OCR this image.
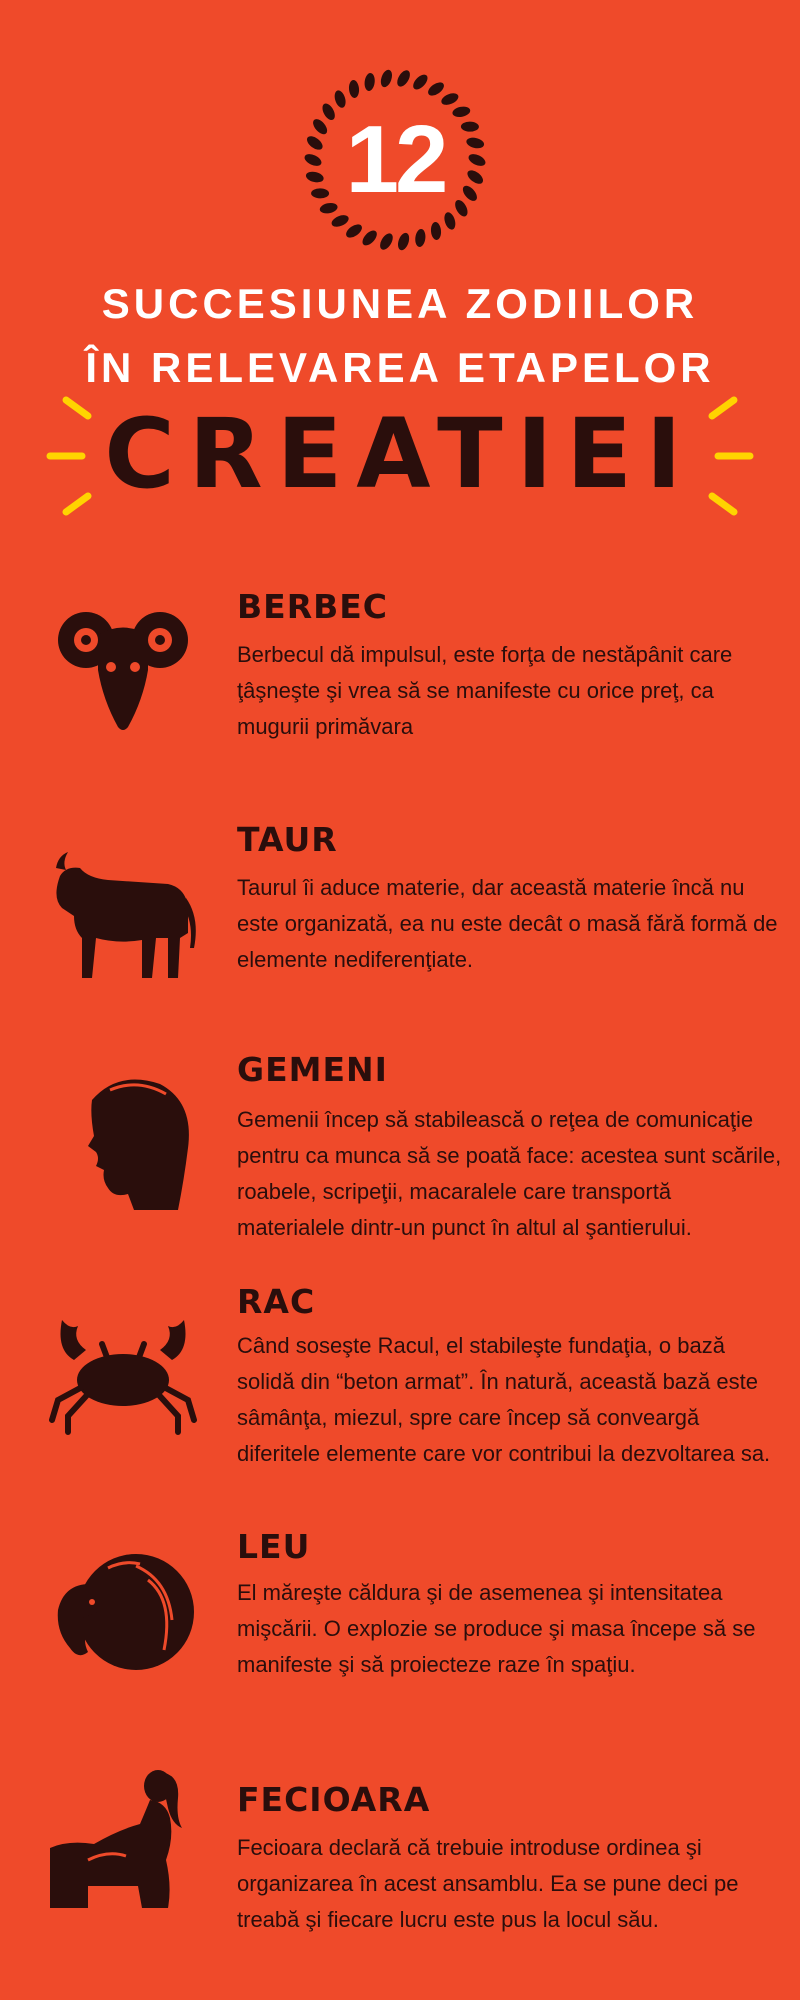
12
SUCCESIUNEA ZODIILOR
ÎN RELEVAREA ETAPELOR
CREATIEI
BERBEC
Berbecul dă impulsul, este forţa de nestăpânit care ţâşneşte şi vrea să se manifeste cu orice preţ, ca mugurii primăvara
TAUR
Taurul îi aduce materie, dar această materie încă nu este organizată, ea nu este decât o masă fără formă de elemente nediferenţiate.
GEMENI
Gemenii încep să stabilească o reţea de comunicaţie pentru ca munca să se poată face: acestea sunt scările, roabele, scripeţii, macaralele care transportă materialele dintr-un punct în altul al şantierului.
RAC
Când soseşte Racul, el stabileşte fundaţia, o bază solidă din “beton armat”. În natură, această bază este sâmânţa, miezul, spre care încep să conveargă diferitele elemente care vor contribui la dezvoltarea sa.
LEU
El măreşte căldura şi de asemenea şi intensitatea mişcării. O explozie se produce şi masa începe să se manifeste şi să proiecteze raze în spaţiu.
FECIOARA
Fecioara declară că trebuie introduse ordinea şi organizarea în acest ansamblu. Ea se pune deci pe treabă şi fiecare lucru este pus la locul său.
